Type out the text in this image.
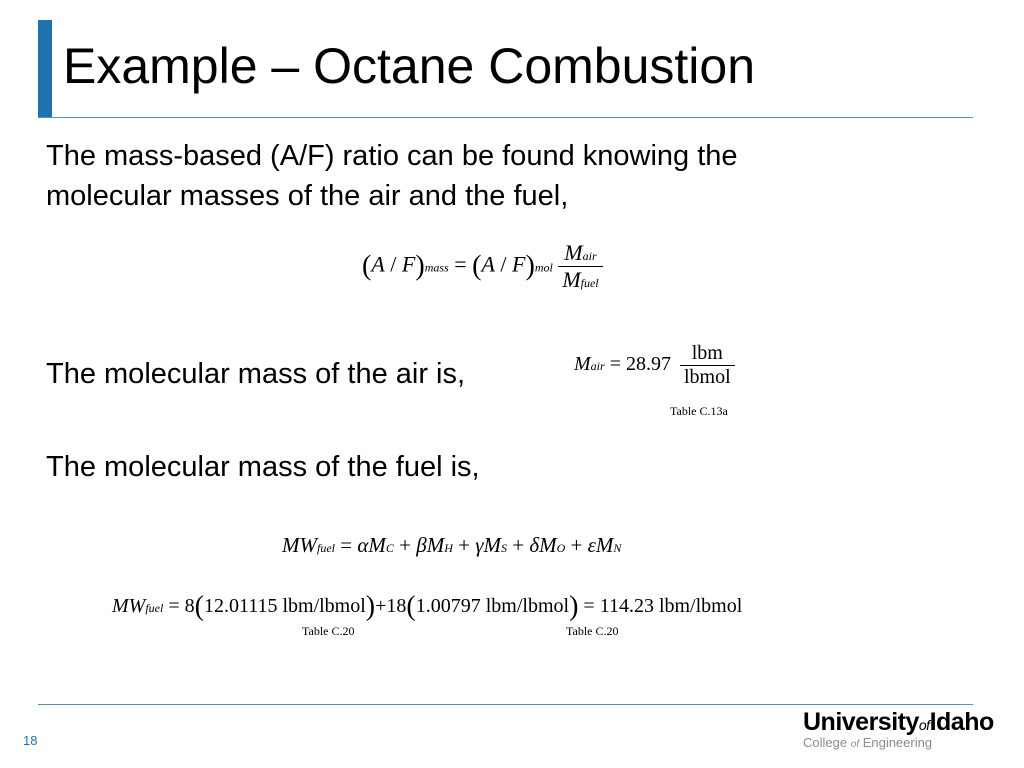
Example – Octane Combustion
The mass-based (A/F) ratio can be found knowing the
molecular masses of the air and the fuel,
(A / F)mass = $(A / F)mol \frac{\text{Mair}}{\text{Mfuel}}$
The molecular mass of the air is,	Mair = $28.97 \frac{\text{lbm}}{\text{lbmol}}$
Table C.13a
The molecular mass of the fuel is,
MWfuel = αMC + βMH + γMS + δMO + εMN
MWfuel = 8(12.01115 lbm/lbmol)+18(1.00797 lbm/lbmol) = 114.23 lbm/lbmol
Table C.20	Table C.20
18
UniversityofIdaho
College of Engineering
